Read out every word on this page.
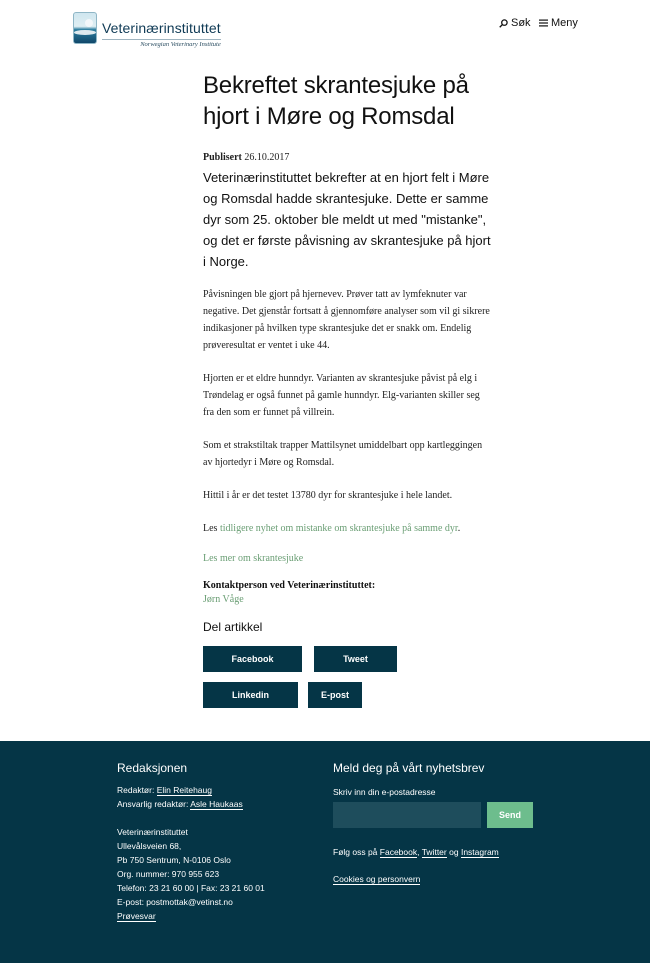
Veterinærinstituttet
Norwegian Veterinary Institute
Søk Meny
Bekreftet skrantesjuke på
hjort i Møre og Romsdal
Publisert 26.10.2017

Veterinærinstituttet bekrefter at en hjort felt i Møre og Romsdal hadde skrantesjuke. Dette er samme dyr som 25. oktober ble meldt ut med "mistanke", og det er første påvisning av skrantesjuke på hjort i Norge.

Påvisningen ble gjort på hjernevev. Prøver tatt av lymfeknuter var negative. Det gjenstår fortsatt å gjennomføre analyser som vil gi sikrere indikasjoner på hvilken type skrantesjuke det er snakk om. Endelig prøveresultat er ventet i uke 44.

Hjorten er et eldre hunndyr. Varianten av skrantesjuke påvist på elg i Trøndelag er også funnet på gamle hunndyr. Elg-varianten skiller seg fra den som er funnet på villrein.

Som et strakstiltak trapper Mattilsynet umiddelbart opp kartleggingen av hjortedyr i Møre og Romsdal.

Hittil i år er det testet 13780 dyr for skrantesjuke i hele landet.

Les tidligere nyhet om mistanke om skrantesjuke på samme dyr.

Les mer om skrantesjuke

Kontaktperson ved Veterinærinstituttet:
Jørn Våge
Del artikkel
Facebook	Tweet
Linkedin	E-post
Redaksjonen
Redaktør: Elin Reitehaug
Ansvarlig redaktør: Asle Haukaas
Veterinærinstituttet
Ullevålsveien 68,
Pb 750 Sentrum, N-0106 Oslo
Org. nummer: 970 955 623
Telefon: 23 21 60 00 | Fax: 23 21 60 01
E-post: postmottak@vetinst.no
Prøvesvar
Meld deg på vårt nyhetsbrev
Skriv inn din e-postadresse
Send
Følg oss på Facebook, Twitter og Instagram
Cookies og personvern
